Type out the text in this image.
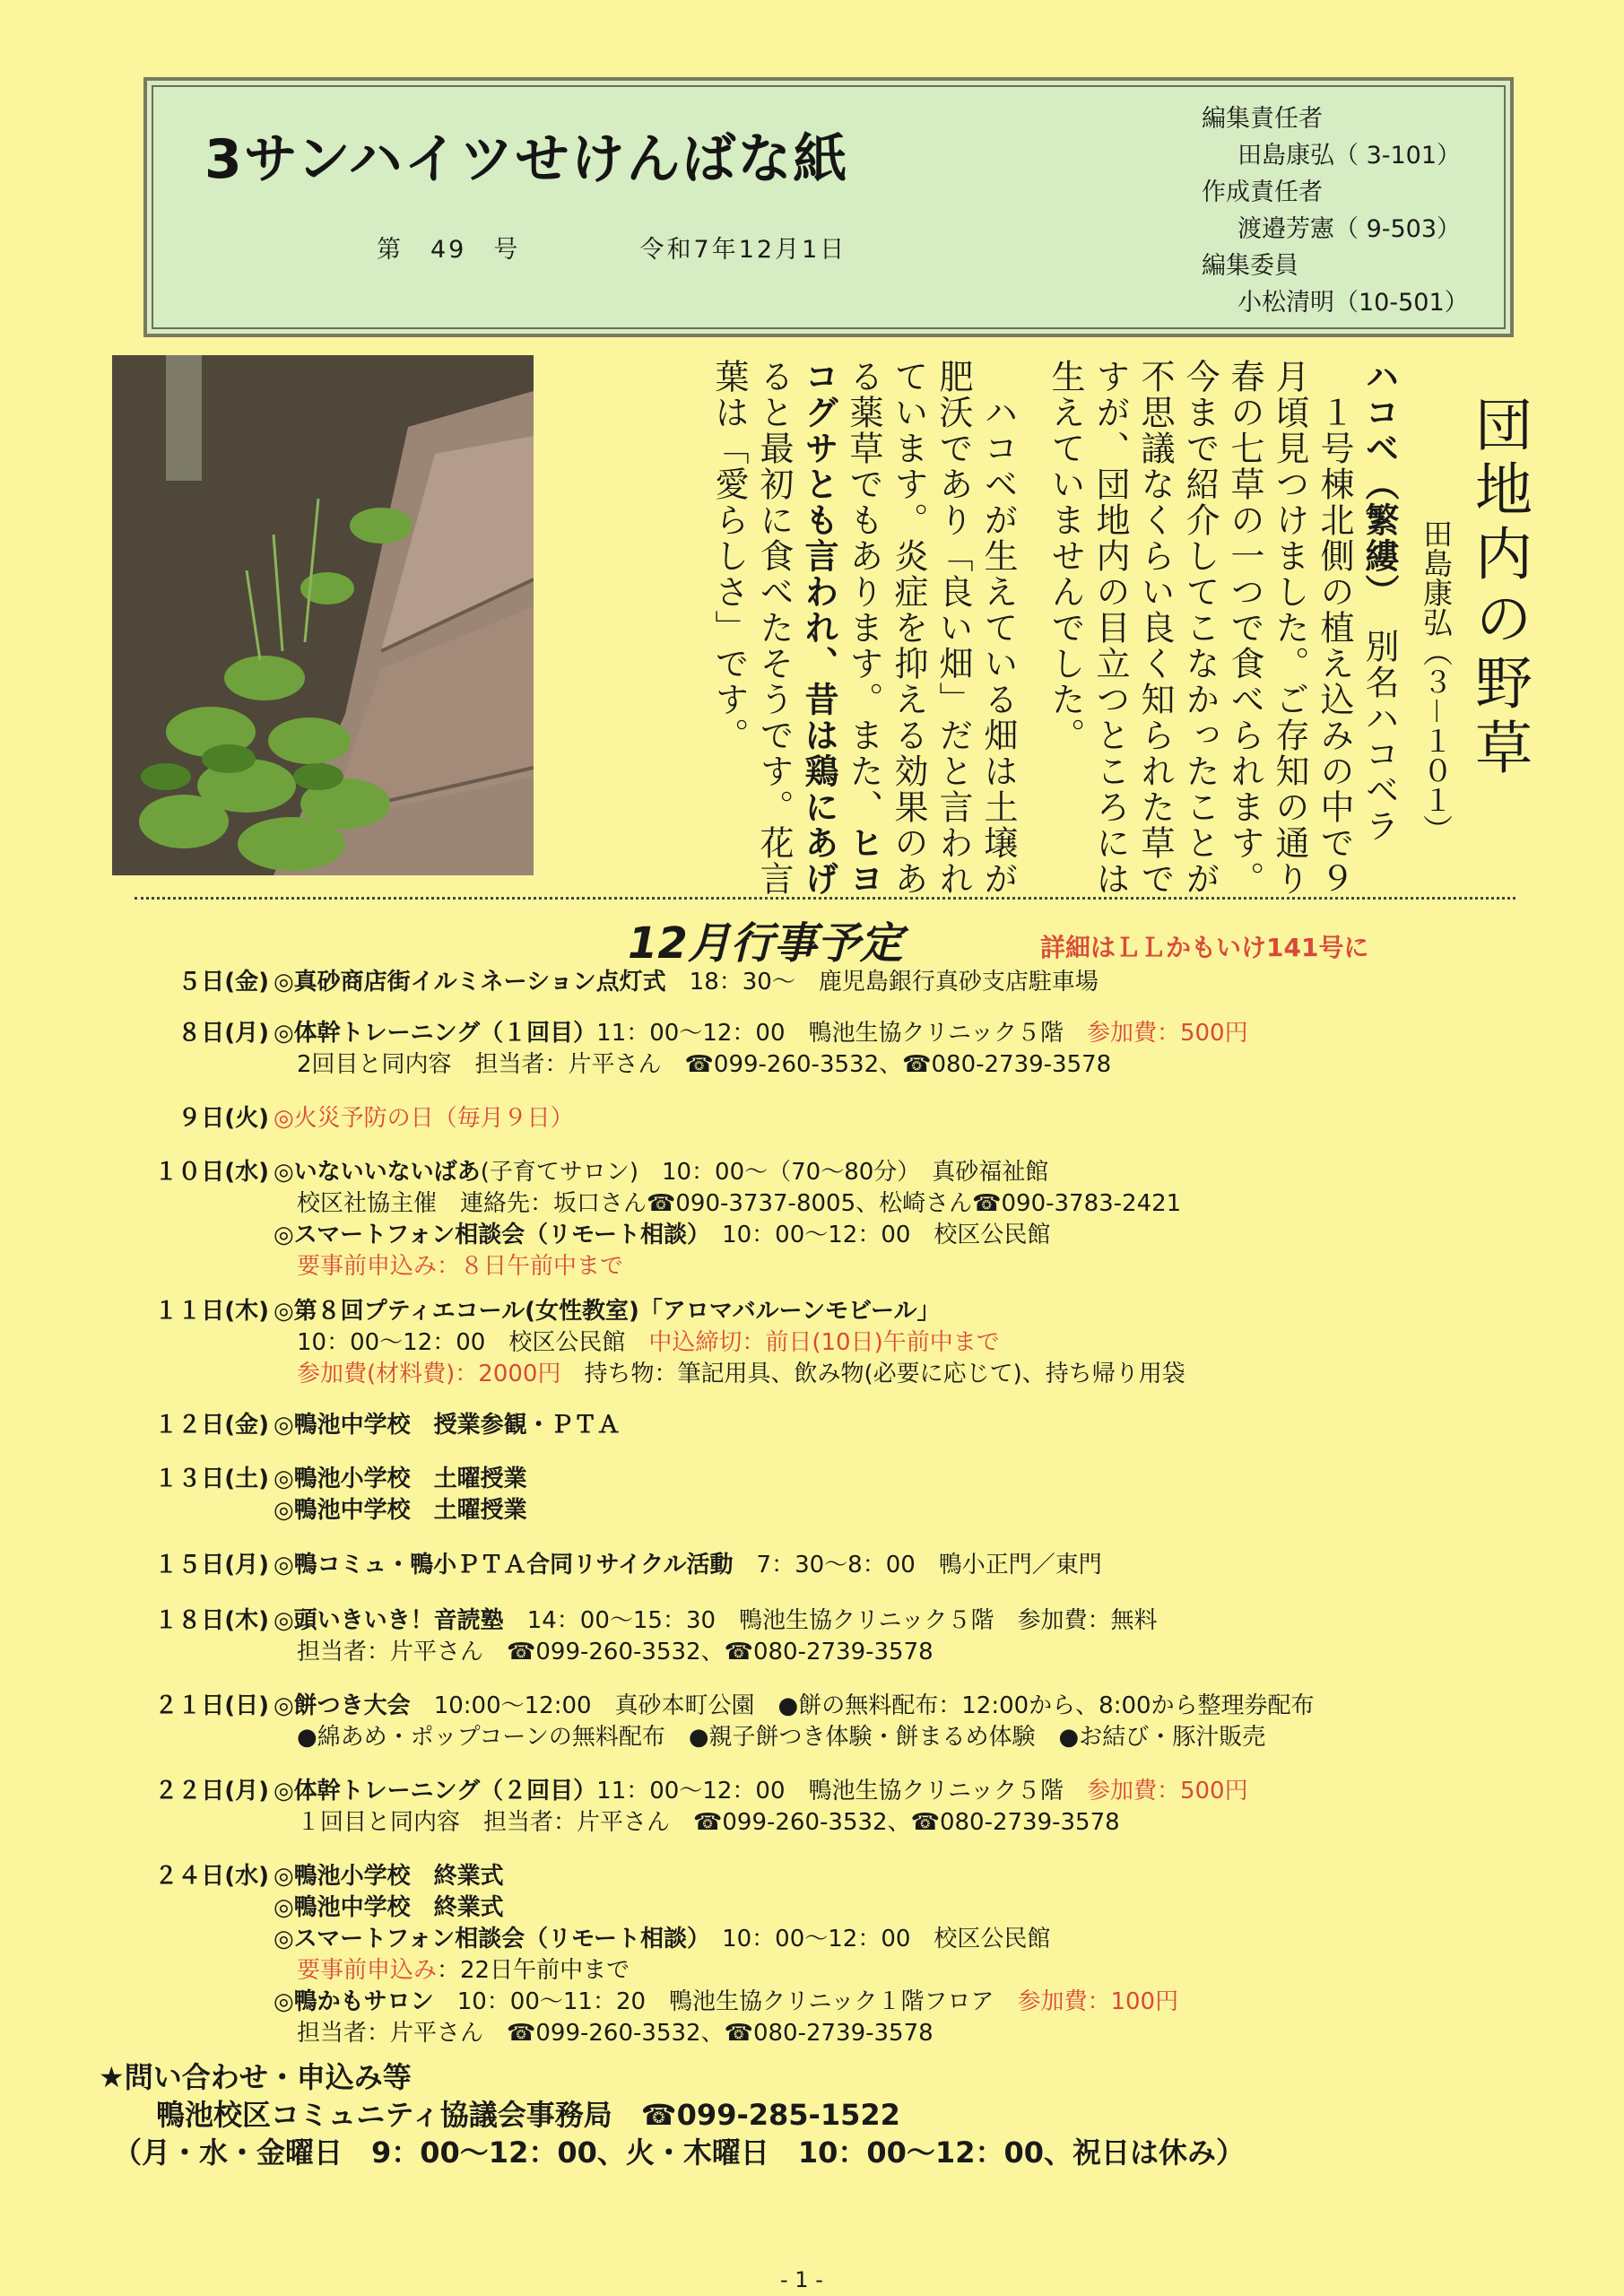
3サンハイツせけんばな紙
第　49　号	令和7年12月1日
編集責任者
田島康弘（ 3-101）
作成責任者
渡邉芳憲（ 9-503）
編集委員
小松清明（10-501）
団地内の野草
田島康弘（３－１０１）
ハコベ（繁縷）　別名ハコベラ
　１号棟北側の植え込みの中で９
月頃見つけました。ご存知の通り
春の七草の一つで食べられます。
今まで紹介してこなかったことが
不思議なくらい良く知られた草で
すが、団地内の目立つところには
生えていませんでした。
　ハコベが生えている畑は土壌が
肥沃であり「良い畑」だと言われ
ています。炎症を抑える効果のあ
る薬草でもあります。また、ヒヨ
コグサとも言われ、昔は鶏にあげ
ると最初に食べたそうです。花言
葉は「愛らしさ」です。
12月行事予定	詳細はＬＬかもいけ141号に
５日(金) ◎真砂商店街イルミネーション点灯式　18：30～　鹿児島銀行真砂支店駐車場
８日(月) ◎体幹トレーニング（１回目）11：00～12：00　鴨池生協クリニック５階　参加費：500円
　2回目と同内容　担当者：片平さん　☎099-260-3532、☎080-2739-3578
９日(火) ◎火災予防の日（毎月９日）
１０日(水) ◎いないいないばあ(子育てサロン)　10：00～（70～80分）　真砂福祉館
　校区社協主催　連絡先：坂口さん☎090-3737-8005、松崎さん☎090-3783-2421
◎スマートフォン相談会（リモート相談）　10：00～12：00　校区公民館
　要事前申込み：８日午前中まで
１１日(木) ◎第８回プティエコール(女性教室)「アロマバルーンモビール」
　10：00～12：00　校区公民館　中込締切：前日(10日)午前中まで
　参加費(材料費)：2000円　持ち物：筆記用具、飲み物(必要に応じて)、持ち帰り用袋
１２日(金) ◎鴨池中学校　授業参観・ＰＴＡ
１３日(土) ◎鴨池小学校　土曜授業
◎鴨池中学校　土曜授業
１５日(月) ◎鴨コミュ・鴨小ＰＴＡ合同リサイクル活動　7：30～8：00　鴨小正門／東門
１８日(木) ◎頭いきいき！音読塾　14：00～15：30　鴨池生協クリニック５階　参加費：無料
　担当者：片平さん　☎099-260-3532、☎080-2739-3578
２１日(日) ◎餅つき大会　10:00～12:00　真砂本町公園　●餅の無料配布：12:00から、8:00から整理券配布
　●綿あめ・ポップコーンの無料配布　●親子餅つき体験・餅まるめ体験　●お結び・豚汁販売
２２日(月) ◎体幹トレーニング（２回目）11：00～12：00　鴨池生協クリニック５階　参加費：500円
　１回目と同内容　担当者：片平さん　☎099-260-3532、☎080-2739-3578
２４日(水) ◎鴨池小学校　終業式
◎鴨池中学校　終業式
◎スマートフォン相談会（リモート相談）　10：00～12：00　校区公民館
　要事前申込み：22日午前中まで
◎鴨かもサロン　10：00～11：20　鴨池生協クリニック１階フロア　参加費：100円
　担当者：片平さん　☎099-260-3532、☎080-2739-3578
★問い合わせ・申込み等
　　鴨池校区コミュニティ協議会事務局　☎099-285-1522
　（月・水・金曜日　9：00～12：00、火・木曜日　10：00～12：00、祝日は休み）
- 1 -
